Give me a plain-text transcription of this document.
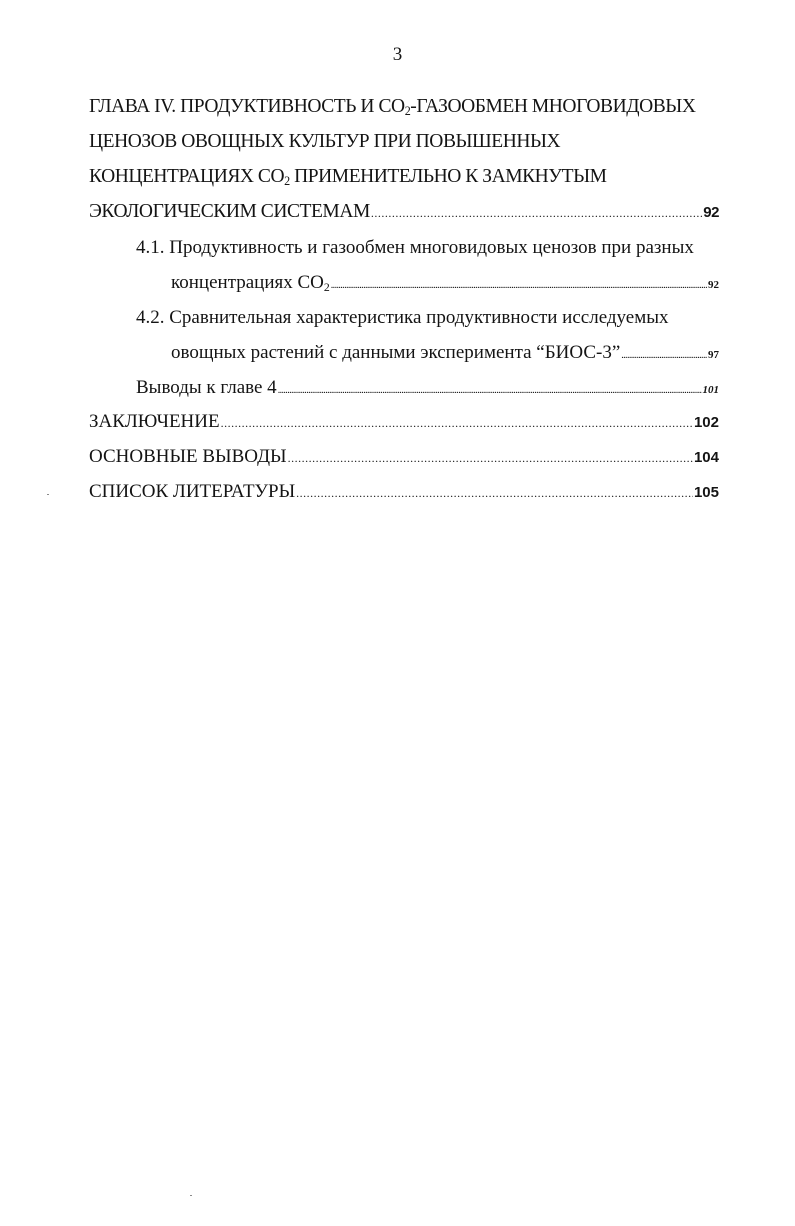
3
ГЛАВА IV. ПРОДУКТИВНОСТЬ И $СО_2$-ГАЗООБМЕН МНОГОВИДОВЫХ
ЦЕНОЗОВ ОВОЩНЫХ КУЛЬТУР ПРИ ПОВЫШЕННЫХ
КОНЦЕНТРАЦИЯХ $СО_2$ ПРИМЕНИТЕЛЬНО К ЗАМКНУТЫМ
ЭКОЛОГИЧЕСКИМ СИСТЕМАМ .....	92
4.1. Продуктивность и газообмен многовидовых ценозов при разных
концентрациях $СО_2$ .....	92
4.2. Сравнительная характеристика продуктивности исследуемых
овощных растений с данными эксперимента “БИОС-3” .....	97
Выводы к главе 4 .....	101
ЗАКЛЮЧЕНИЕ .....	102
ОСНОВНЫЕ ВЫВОДЫ .....	104
СПИСОК ЛИТЕРАТУРЫ .....	105
